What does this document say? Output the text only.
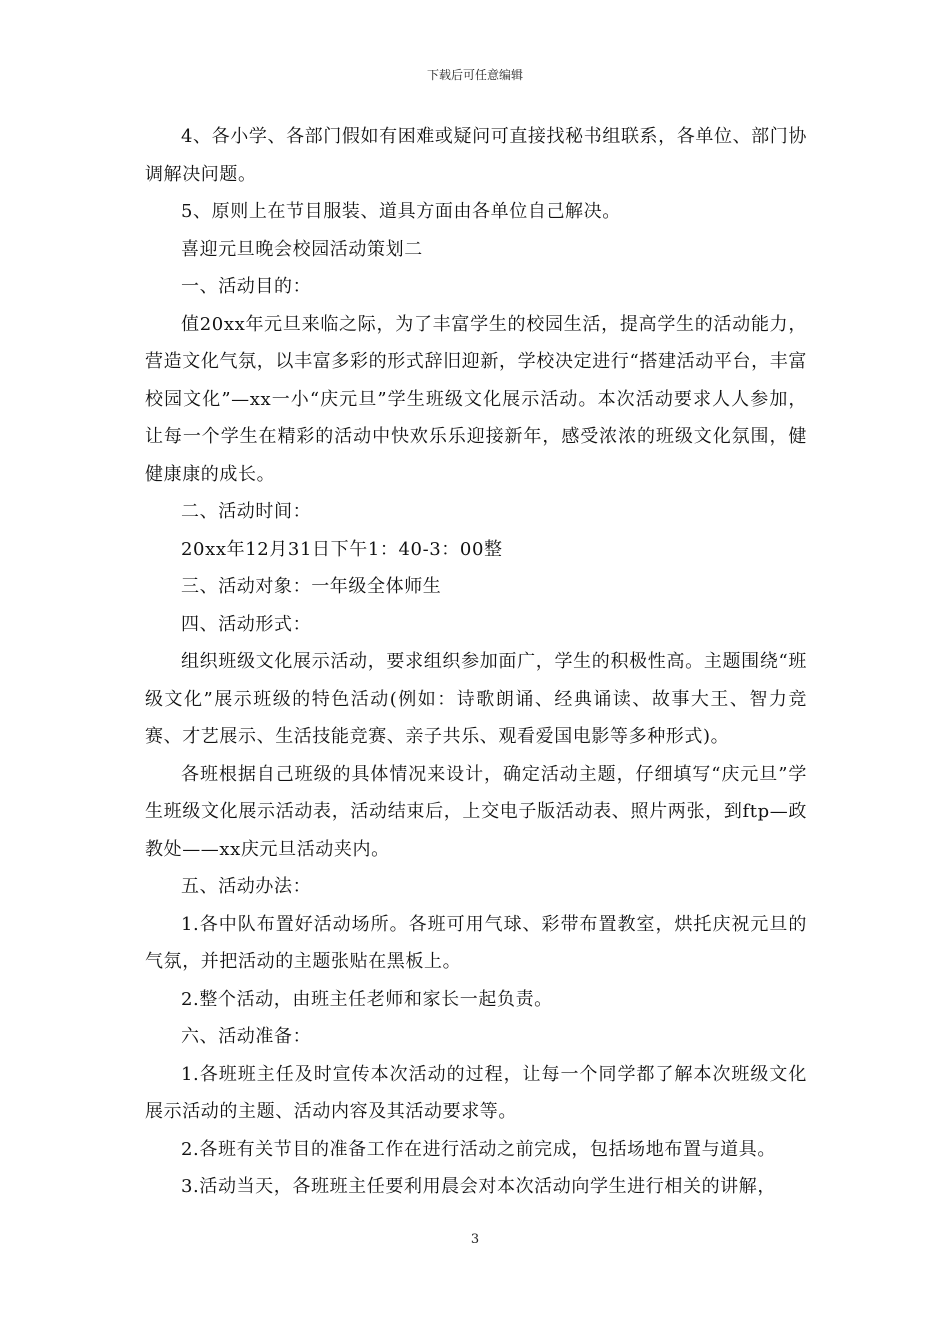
下载后可任意编辑

4、各小学、各部门假如有困难或疑问可直接找秘书组联系，各单位、部门协调解决问题。

5、原则上在节目服装、道具方面由各单位自己解决。

喜迎元旦晚会校园活动策划二

一、活动目的：

值20xx年元旦来临之际，为了丰富学生的校园生活，提高学生的活动能力，营造文化气氛，以丰富多彩的形式辞旧迎新，学校决定进行“搭建活动平台，丰富校园文化”—xx一小“庆元旦”学生班级文化展示活动。本次活动要求人人参加，让每一个学生在精彩的活动中快欢乐乐迎接新年，感受浓浓的班级文化氛围，健健康康的成长。

二、活动时间：

20xx年12月31日下午1：40-3：00整

三、活动对象：一年级全体师生

四、活动形式：

组织班级文化展示活动，要求组织参加面广，学生的积极性高。主题围绕“班级文化”展示班级的特色活动(例如：诗歌朗诵、经典诵读、故事大王、智力竞赛、才艺展示、生活技能竞赛、亲子共乐、观看爱国电影等多种形式)。

各班根据自己班级的具体情况来设计，确定活动主题，仔细填写“庆元旦”学生班级文化展示活动表，活动结束后，上交电子版活动表、照片两张，到ftp—政教处——xx庆元旦活动夹内。

五、活动办法：

1.各中队布置好活动场所。各班可用气球、彩带布置教室，烘托庆祝元旦的气氛，并把活动的主题张贴在黑板上。

2.整个活动，由班主任老师和家长一起负责。

六、活动准备：

1.各班班主任及时宣传本次活动的过程，让每一个同学都了解本次班级文化展示活动的主题、活动内容及其活动要求等。

2.各班有关节目的准备工作在进行活动之前完成，包括场地布置与道具。

3.活动当天，各班班主任要利用晨会对本次活动向学生进行相关的讲解，

3
